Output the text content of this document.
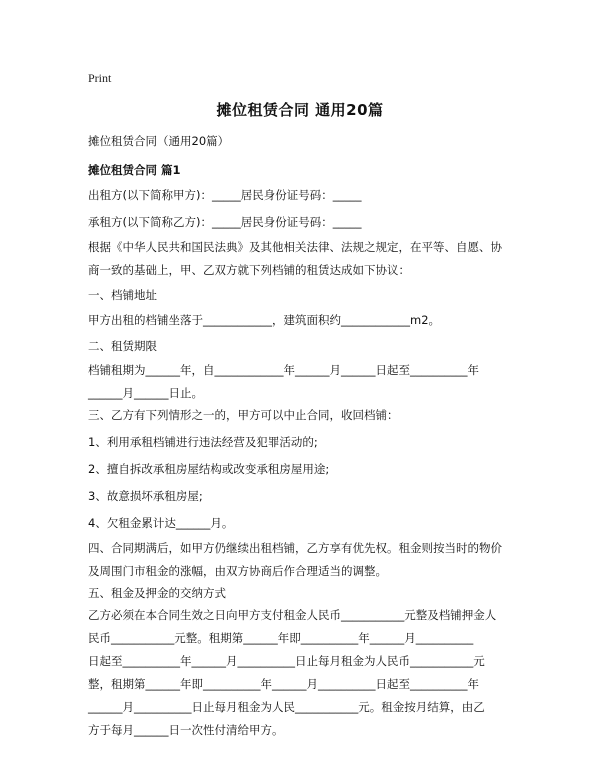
Print
摊位租赁合同 通用20篇
摊位租赁合同（通用20篇）
摊位租赁合同 篇1
出租方(以下简称甲方)：_____居民身份证号码：_____
承租方(以下简称乙方)：_____居民身份证号码：_____
根据《中华人民共和国民法典》及其他相关法律、法规之规定，在平等、自愿、协
商一致的基础上，甲、乙双方就下列档铺的租赁达成如下协议：
一、档铺地址
甲方出租的档铺坐落于____________，建筑面积约____________m2。
二、租赁期限
档铺租期为______年，自____________年______月______日起至__________年
______月______日止。
三、乙方有下列情形之一的，甲方可以中止合同，收回档铺：
1、利用承租档铺进行违法经营及犯罪活动的;
2、擅自拆改承租房屋结构或改变承租房屋用途;
3、故意损坏承租房屋;
4、欠租金累计达______月。
四、合同期满后，如甲方仍继续出租档铺，乙方享有优先权。租金则按当时的物价
及周围门市租金的涨幅，由双方协商后作合理适当的调整。
五、租金及押金的交纳方式
乙方必须在本合同生效之日向甲方支付租金人民币___________元整及档铺押金人
民币___________元整。租期第______年即__________年______月__________
日起至__________年______月__________日止每月租金为人民币___________元
整，租期第______年即__________年______月__________日起至__________年
______月__________日止每月租金为人民___________元。租金按月结算，由乙
方于每月______日一次性付清给甲方。
